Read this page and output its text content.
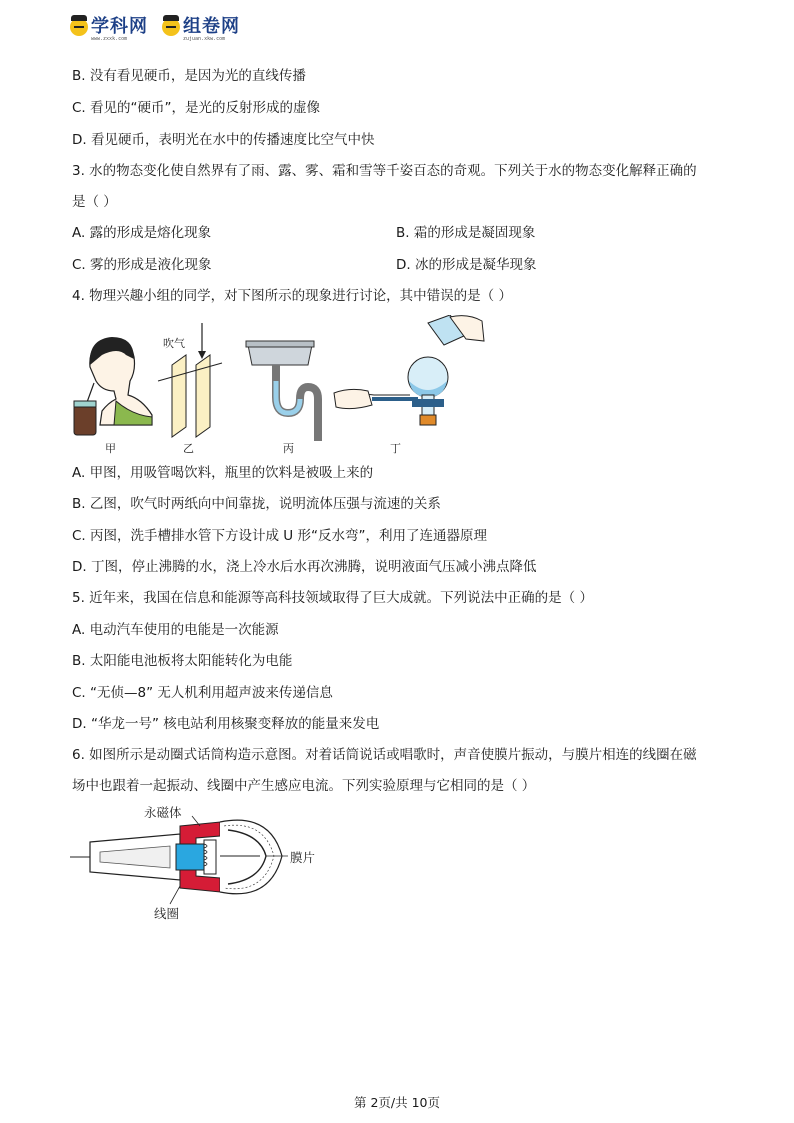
学科网
www.zxxk.com
组卷网
zujuan.xkw.com
B. 没有看见硬币，是因为光的直线传播
C. 看见的“硬币”，是光的反射形成的虚像
D. 看见硬币，表明光在水中的传播速度比空气中快
3. 水的物态变化使自然界有了雨、露、雾、霜和雪等千姿百态的奇观。下列关于水的物态变化解释正确的
是（ ）
A. 露的形成是熔化现象	B. 霜的形成是凝固现象
C. 雾的形成是液化现象	D. 冰的形成是凝华现象
4. 物理兴趣小组的同学，对下图所示的现象进行讨论，其中错误的是（ ）
吹气
甲	乙	丙	丁
A. 甲图，用吸管喝饮料，瓶里的饮料是被吸上来的
B. 乙图，吹气时两纸向中间靠拢，说明流体压强与流速的关系
C. 丙图，洗手槽排水管下方设计成 U 形“反水弯”，利用了连通器原理
D. 丁图，停止沸腾的水，浇上冷水后水再次沸腾，说明液面气压减小沸点降低
5. 近年来，我国在信息和能源等高科技领域取得了巨大成就。下列说法中正确的是（ ）
A. 电动汽车使用的电能是一次能源
B. 太阳能电池板将太阳能转化为电能
C. “无侦—8” 无人机利用超声波来传递信息
D. “华龙一号” 核电站利用核聚变释放的能量来发电
6. 如图所示是动圈式话筒构造示意图。对着话筒说话或唱歌时，声音使膜片振动，与膜片相连的线圈在磁
场中也跟着一起振动、线圈中产生感应电流。下列实验原理与它相同的是（ ）
永磁体
膜片
线圈
第 2页/共 10页
